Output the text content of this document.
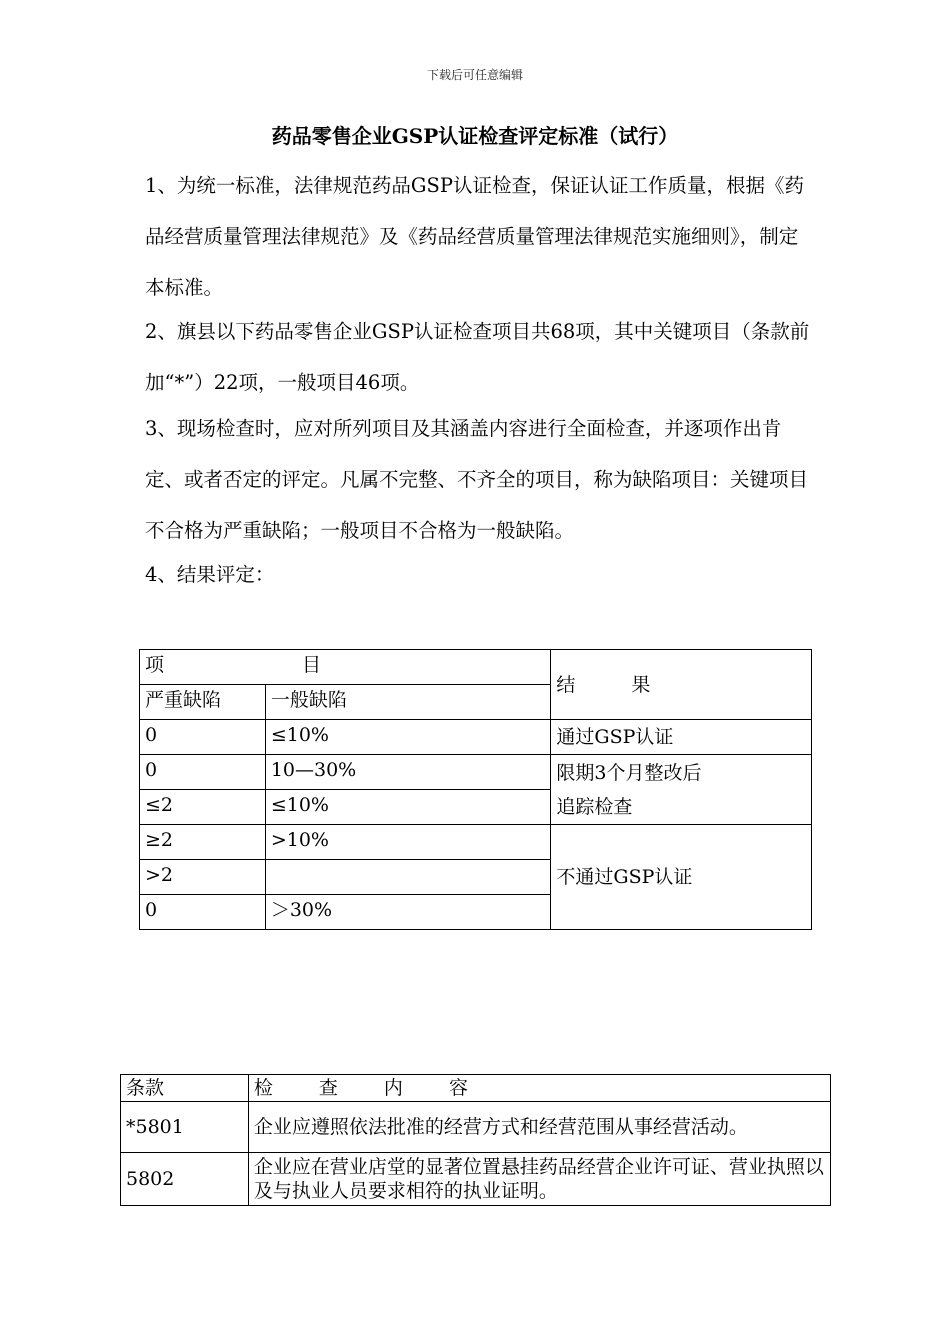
下载后可任意编辑
药品零售企业GSP认证检查评定标准（试行）

1、为统一标准，法律规范药品GSP认证检查，保证认证工作质量，根据《药品经营质量管理法律规范》及《药品经营质量管理法律规范实施细则》，制定本标准。

2、旗县以下药品零售企业GSP认证检查项目共68项，其中关键项目（条款前加“*”）22项，一般项目46项。

3、现场检查时，应对所列项目及其涵盖内容进行全面检查，并逐项作出肯定、或者否定的评定。凡属不完整、不齐全的项目，称为缺陷项目：关键项目不合格为严重缺陷；一般项目不合格为一般缺陷。

4、结果评定：

项 目		结 果
严重缺陷	一般缺陷	
0	≤10%	通过GSP认证
0	10—30%	限期3个月整改后
追踪检查

≤2	≤10%	
≥2	>10%	不通过GSP认证
>2		
0	＞30%	
条款	检 查 内 容
*5801	企业应遵照依法批准的经营方式和经营范围从事经营活动。
5802	企业应在营业店堂的显著位置悬挂药品经营企业许可证、营业执照以及与执业人员要求相符的执业证明。
